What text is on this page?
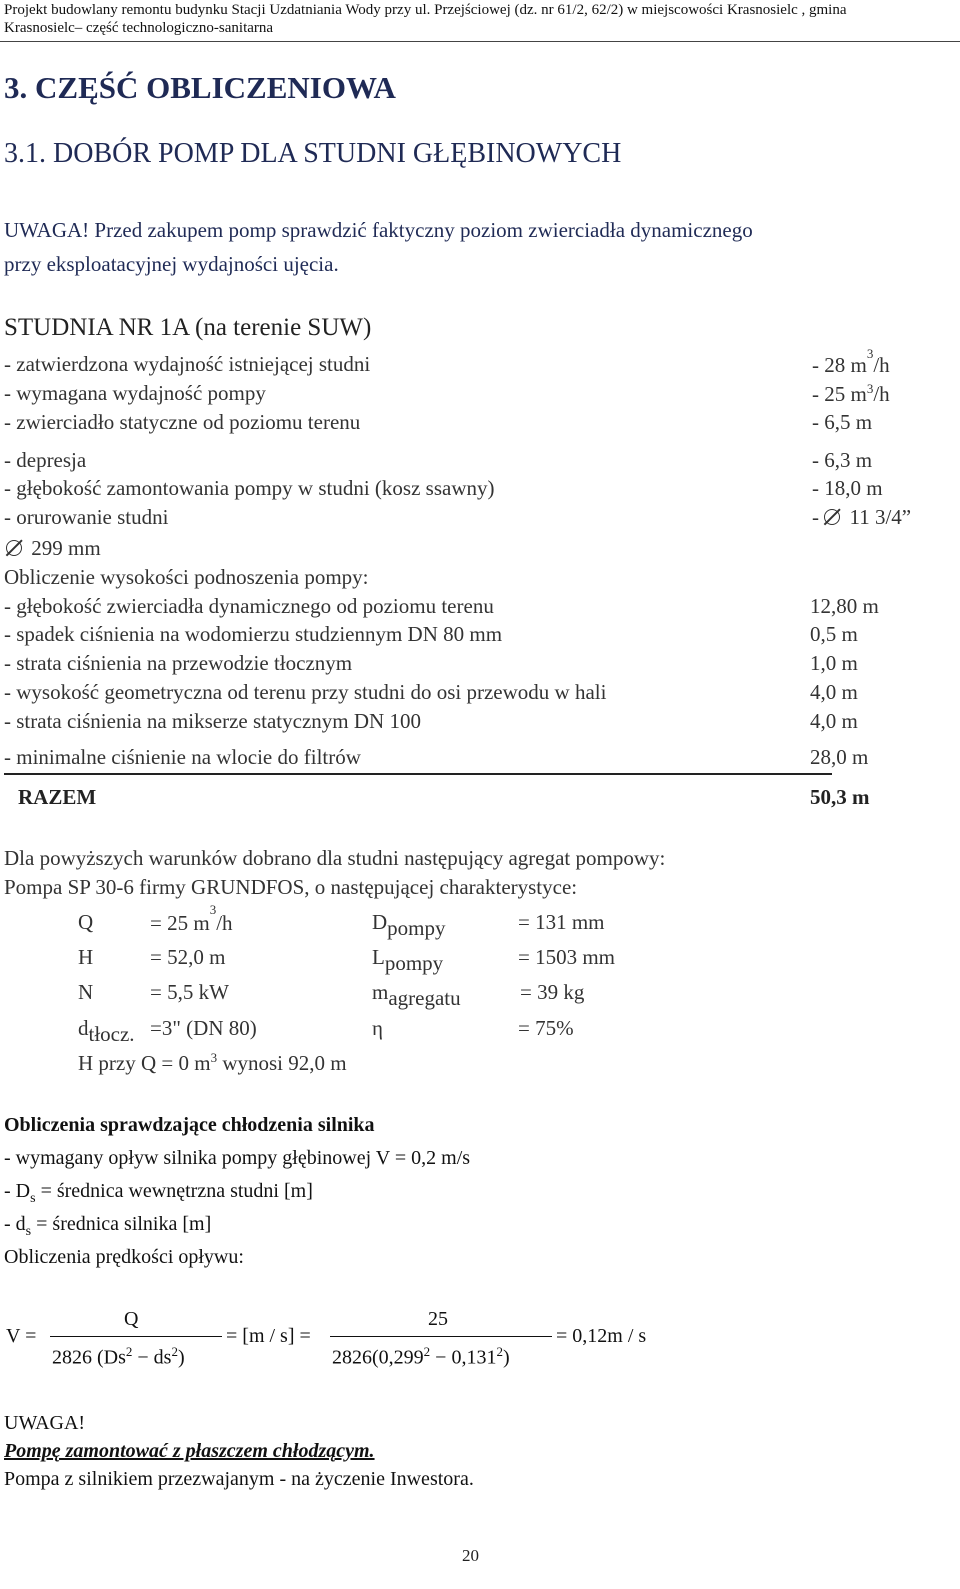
Projekt budowlany remontu budynku Stacji Uzdatniania Wody przy ul. Przejściowej (dz. nr 61/2, 62/2) w miejscowości Krasnosielc , gmina
Krasnosielc– część technologiczno-sanitarna
3. CZĘŚĆ OBLICZENIOWA
3.1. DOBÓR POMP DLA STUDNI GŁĘBINOWYCH
UWAGA! Przed zakupem pomp sprawdzić faktyczny poziom zwierciadła dynamicznego
przy eksploatacyjnej wydajności ujęcia.
STUDNIA NR 1A (na terenie SUW)
- zatwierdzona wydajność istniejącej studni	- 28 $m^3/h$
- wymagana wydajność pompy	- 25 $m^3/h$
- zwierciadło statyczne od poziomu terenu	- 6,5 m
- depresja	- 6,3 m
- głębokość zamontowania pompy w studni (kosz ssawny)	- 18,0 m
- orurowanie studni	- 11 3/4”
299 mm
Obliczenie wysokości podnoszenia pompy:
- głębokość zwierciadła dynamicznego od poziomu terenu	12,80 m
- spadek ciśnienia na wodomierzu studziennym DN 80 mm	0,5 m
- strata ciśnienia na przewodzie tłocznym	1,0 m
- wysokość geometryczna od terenu przy studni do osi przewodu w hali	4,0 m
- strata ciśnienia na mikserze statycznym DN 100	4,0 m
- minimalne ciśnienie na wlocie do filtrów	28,0 m
RAZEM	50,3 m
Dla powyższych warunków dobrano dla studni następujący agregat pompowy:
Pompa SP 30-6 firmy GRUNDFOS, o następującej charakterystyce:
Q	= 25 $m^3/h$	$D_{pompy}$	= 131 mm
H	= 52,0 m	$L_{pompy}$	= 1503 mm
N	= 5,5 kW	$m_{agregatu}$	= 39 kg
$d_{tłocz.} =3$" (DN 80)	η	= 75%
H przy Q = 0 $m^3$ wynosi 92,0 m
Obliczenia sprawdzające chłodzenia silnika
- wymagany opływ silnika pompy głębinowej V = 0,2 m/s
- $D_s$ = średnica wewnętrzna studni [m]
- $d_s$ = średnica silnika [m]
Obliczenia prędkości opływu:
V =
Q
2826 $(Ds^2 - ds^2)$
= [m / s] =
25
$2826(0,299^2 - 0,131^2)$
= 0,12m / s
UWAGA!
Pompę zamontować z płaszczem chłodzącym.
Pompa z silnikiem przezwajanym - na życzenie Inwestora.
20
